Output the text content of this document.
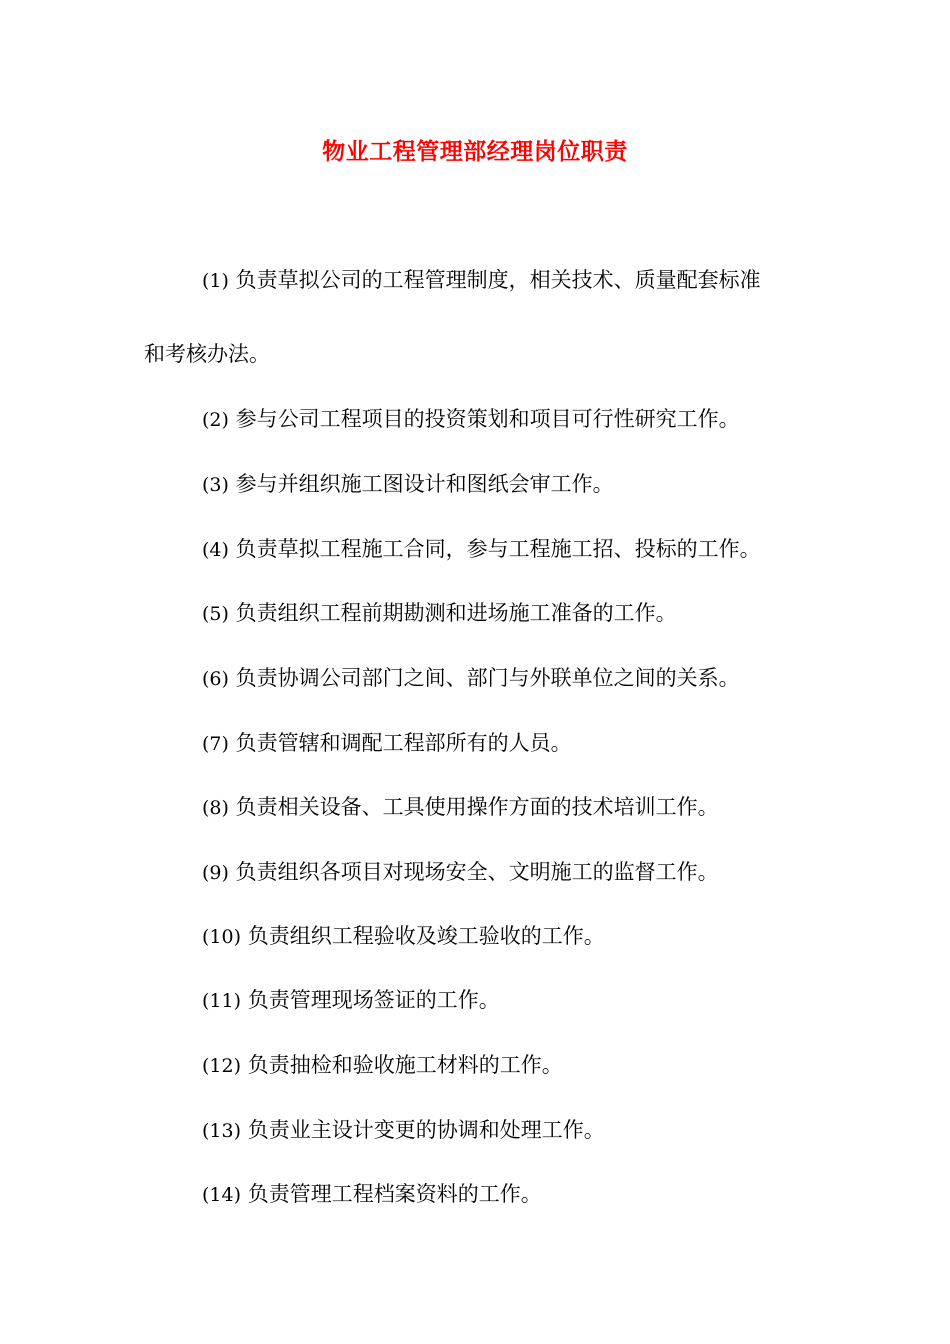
物业工程管理部经理岗位职责
(1) 负责草拟公司的工程管理制度，相关技术、质量配套标准
和考核办法。
(2) 参与公司工程项目的投资策划和项目可行性研究工作。
(3) 参与并组织施工图设计和图纸会审工作。
(4) 负责草拟工程施工合同，参与工程施工招、投标的工作。
(5) 负责组织工程前期勘测和进场施工准备的工作。
(6) 负责协调公司部门之间、部门与外联单位之间的关系。
(7) 负责管辖和调配工程部所有的人员。
(8) 负责相关设备、工具使用操作方面的技术培训工作。
(9) 负责组织各项目对现场安全、文明施工的监督工作。
(10) 负责组织工程验收及竣工验收的工作。
(11) 负责管理现场签证的工作。
(12) 负责抽检和验收施工材料的工作。
(13) 负责业主设计变更的协调和处理工作。
(14) 负责管理工程档案资料的工作。
